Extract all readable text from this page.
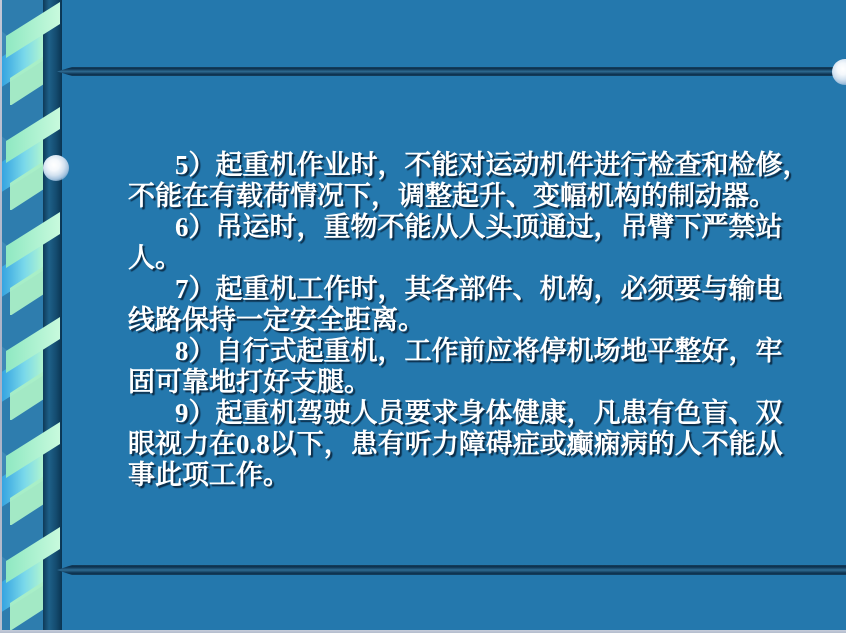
5）起重机作业时，不能对运动机件进行检查和检修，
不能在有载荷情况下，调整起升、变幅机构的制动器。
6）吊运时，重物不能从人头顶通过，吊臂下严禁站
人。
7）起重机工作时，其各部件、机构，必须要与输电
线路保持一定安全距离。
8）自行式起重机，工作前应将停机场地平整好，牢
固可靠地打好支腿。
9）起重机驾驶人员要求身体健康，凡患有色盲、双
眼视力在0.8以下，患有听力障碍症或癫痫病的人不能从
事此项工作。
